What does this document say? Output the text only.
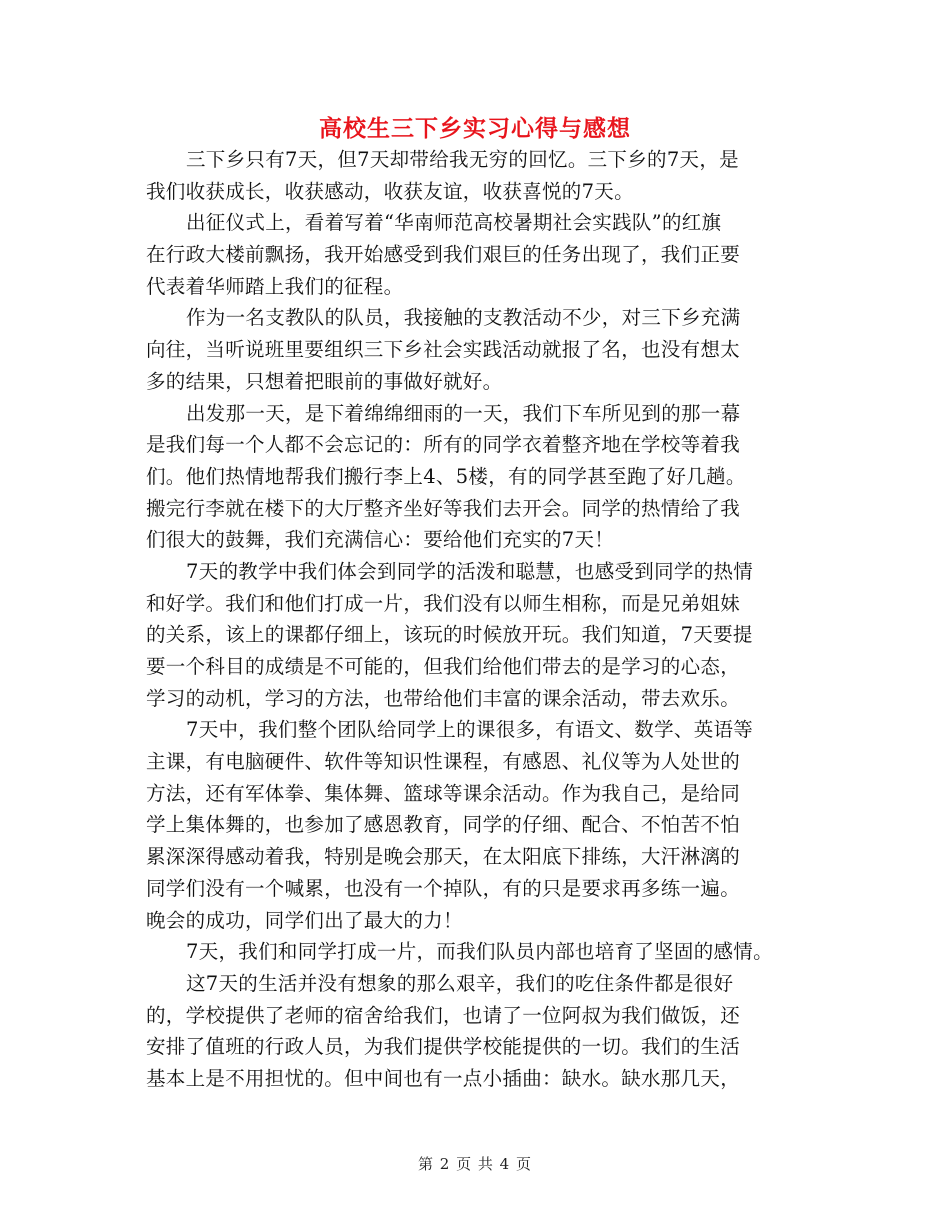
高校生三下乡实习心得与感想
三下乡只有7天，但7天却带给我无穷的回忆。三下乡的7天，是
我们收获成长，收获感动，收获友谊，收获喜悦的7天。
出征仪式上，看着写着“华南师范高校暑期社会实践队”的红旗
在行政大楼前飘扬，我开始感受到我们艰巨的任务出现了，我们正要
代表着华师踏上我们的征程。
作为一名支教队的队员，我接触的支教活动不少，对三下乡充满
向往，当听说班里要组织三下乡社会实践活动就报了名，也没有想太
多的结果，只想着把眼前的事做好就好。
出发那一天，是下着绵绵细雨的一天，我们下车所见到的那一幕
是我们每一个人都不会忘记的：所有的同学衣着整齐地在学校等着我
们。他们热情地帮我们搬行李上4、5楼，有的同学甚至跑了好几趟。
搬完行李就在楼下的大厅整齐坐好等我们去开会。同学的热情给了我
们很大的鼓舞，我们充满信心：要给他们充实的7天！
7天的教学中我们体会到同学的活泼和聪慧，也感受到同学的热情
和好学。我们和他们打成一片，我们没有以师生相称，而是兄弟姐妹
的关系，该上的课都仔细上，该玩的时候放开玩。我们知道，7天要提
要一个科目的成绩是不可能的，但我们给他们带去的是学习的心态，
学习的动机，学习的方法，也带给他们丰富的课余活动，带去欢乐。
7天中，我们整个团队给同学上的课很多，有语文、数学、英语等
主课，有电脑硬件、软件等知识性课程，有感恩、礼仪等为人处世的
方法，还有军体拳、集体舞、篮球等课余活动。作为我自己，是给同
学上集体舞的，也参加了感恩教育，同学的仔细、配合、不怕苦不怕
累深深得感动着我，特别是晚会那天，在太阳底下排练，大汗淋漓的
同学们没有一个喊累，也没有一个掉队，有的只是要求再多练一遍。
晚会的成功，同学们出了最大的力！
7天，我们和同学打成一片，而我们队员内部也培育了坚固的感情。
这7天的生活并没有想象的那么艰辛，我们的吃住条件都是很好
的，学校提供了老师的宿舍给我们，也请了一位阿叔为我们做饭，还
安排了值班的行政人员，为我们提供学校能提供的一切。我们的生活
基本上是不用担忧的。但中间也有一点小插曲：缺水。缺水那几天，
第 2 页 共 4 页
